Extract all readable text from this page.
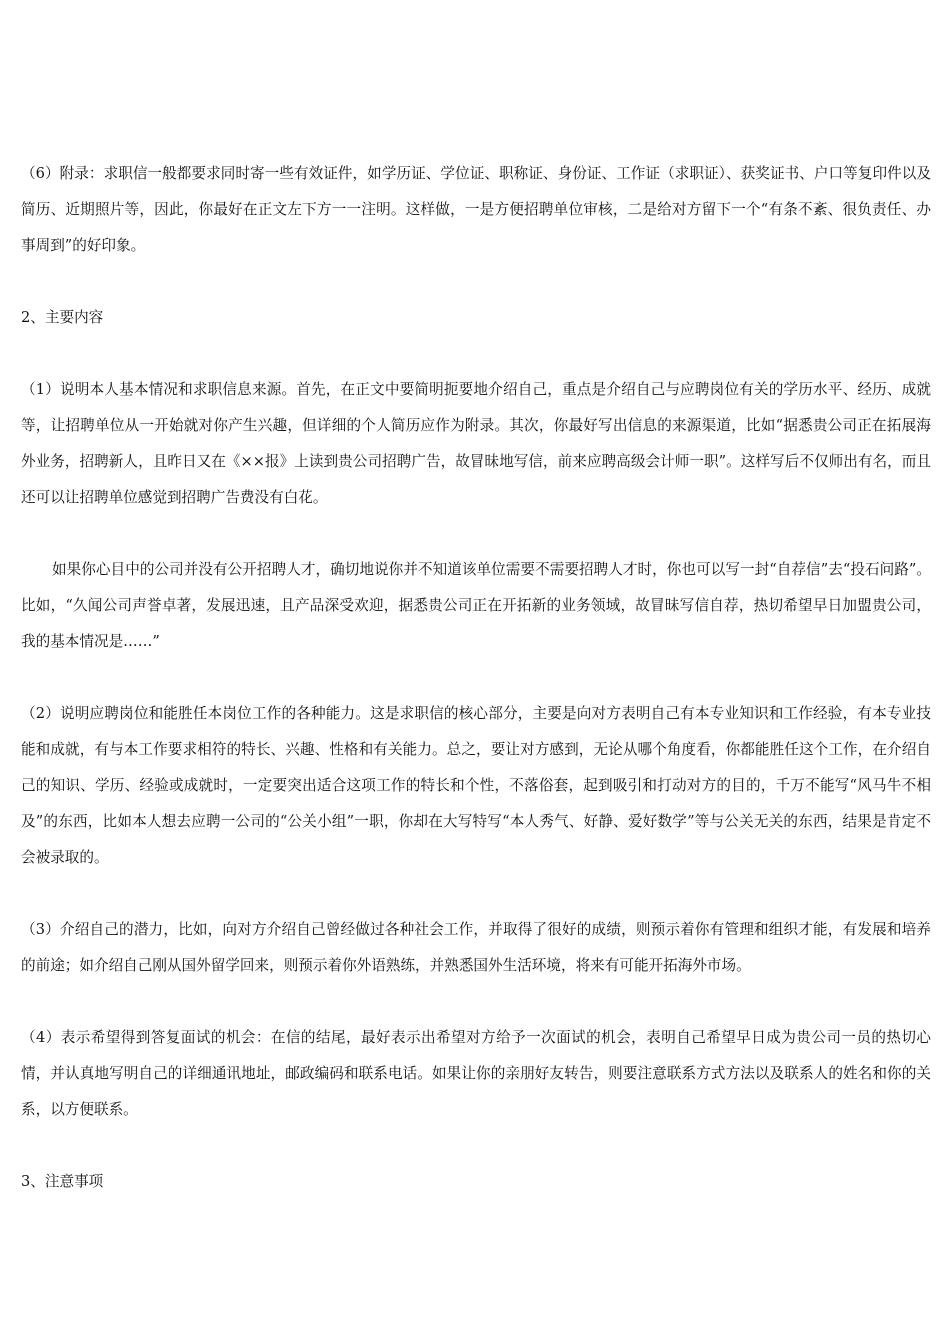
（6）附录：求职信一般都要求同时寄一些有效证件，如学历证、学位证、职称证、身份证、工作证（求职证）、获奖证书、户口等复印件以及简历、近期照片等，因此，你最好在正文左下方一一注明。这样做，一是方便招聘单位审核，二是给对方留下一个“有条不紊、很负责任、办事周到”的好印象。

2、主要内容

（1）说明本人基本情况和求职信息来源。首先，在正文中要简明扼要地介绍自己，重点是介绍自己与应聘岗位有关的学历水平、经历、成就等，让招聘单位从一开始就对你产生兴趣，但详细的个人简历应作为附录。其次，你最好写出信息的来源渠道，比如“据悉贵公司正在拓展海外业务，招聘新人，且昨日又在《××报》上读到贵公司招聘广告，故冒昧地写信，前来应聘高级会计师一职”。这样写后不仅师出有名，而且还可以让招聘单位感觉到招聘广告费没有白花。

如果你心目中的公司并没有公开招聘人才，确切地说你并不知道该单位需要不需要招聘人才时，你也可以写一封“自荐信”去“投石问路”。比如，“久闻公司声誉卓著，发展迅速，且产品深受欢迎，据悉贵公司正在开拓新的业务领域，故冒昧写信自荐，热切希望早日加盟贵公司，我的基本情况是……”

（2）说明应聘岗位和能胜任本岗位工作的各种能力。这是求职信的核心部分，主要是向对方表明自己有本专业知识和工作经验，有本专业技能和成就，有与本工作要求相符的特长、兴趣、性格和有关能力。总之，要让对方感到，无论从哪个角度看，你都能胜任这个工作，在介绍自己的知识、学历、经验或成就时，一定要突出适合这项工作的特长和个性，不落俗套，起到吸引和打动对方的目的，千万不能写“风马牛不相及”的东西，比如本人想去应聘一公司的“公关小组”一职，你却在大写特写“本人秀气、好静、爱好数学”等与公关无关的东西，结果是肯定不会被录取的。

（3）介绍自己的潜力，比如，向对方介绍自己曾经做过各种社会工作，并取得了很好的成绩，则预示着你有管理和组织才能，有发展和培养的前途；如介绍自己刚从国外留学回来，则预示着你外语熟练，并熟悉国外生活环境，将来有可能开拓海外市场。

（4）表示希望得到答复面试的机会：在信的结尾，最好表示出希望对方给予一次面试的机会，表明自己希望早日成为贵公司一员的热切心情，并认真地写明自己的详细通讯地址，邮政编码和联系电话。如果让你的亲朋好友转告，则要注意联系方式方法以及联系人的姓名和你的关系，以方便联系。

3、注意事项
